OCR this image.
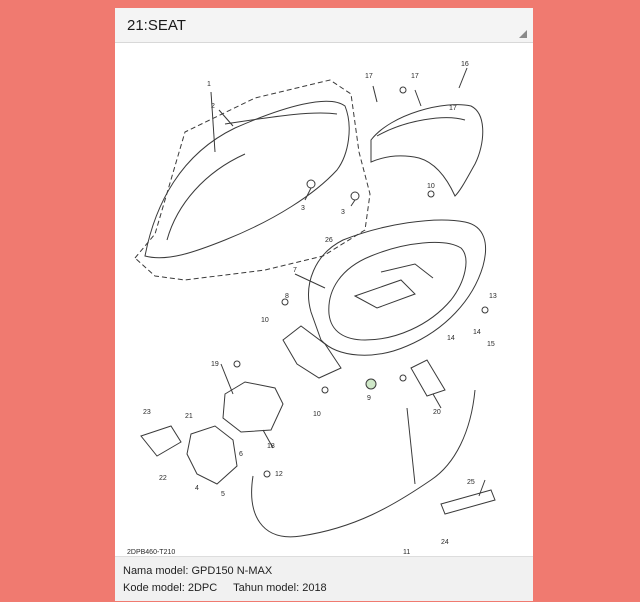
21:SEAT
1
2
3
3
4
5
6
7
8
9
10
10
10
11
12
13
14
14
15
16
17	17
17
18
19
20
21
22
23
24
25
26
2DPB460-T210
Nama model: GPD150 N-MAX
Kode model: 2DPC Tahun model: 2018
